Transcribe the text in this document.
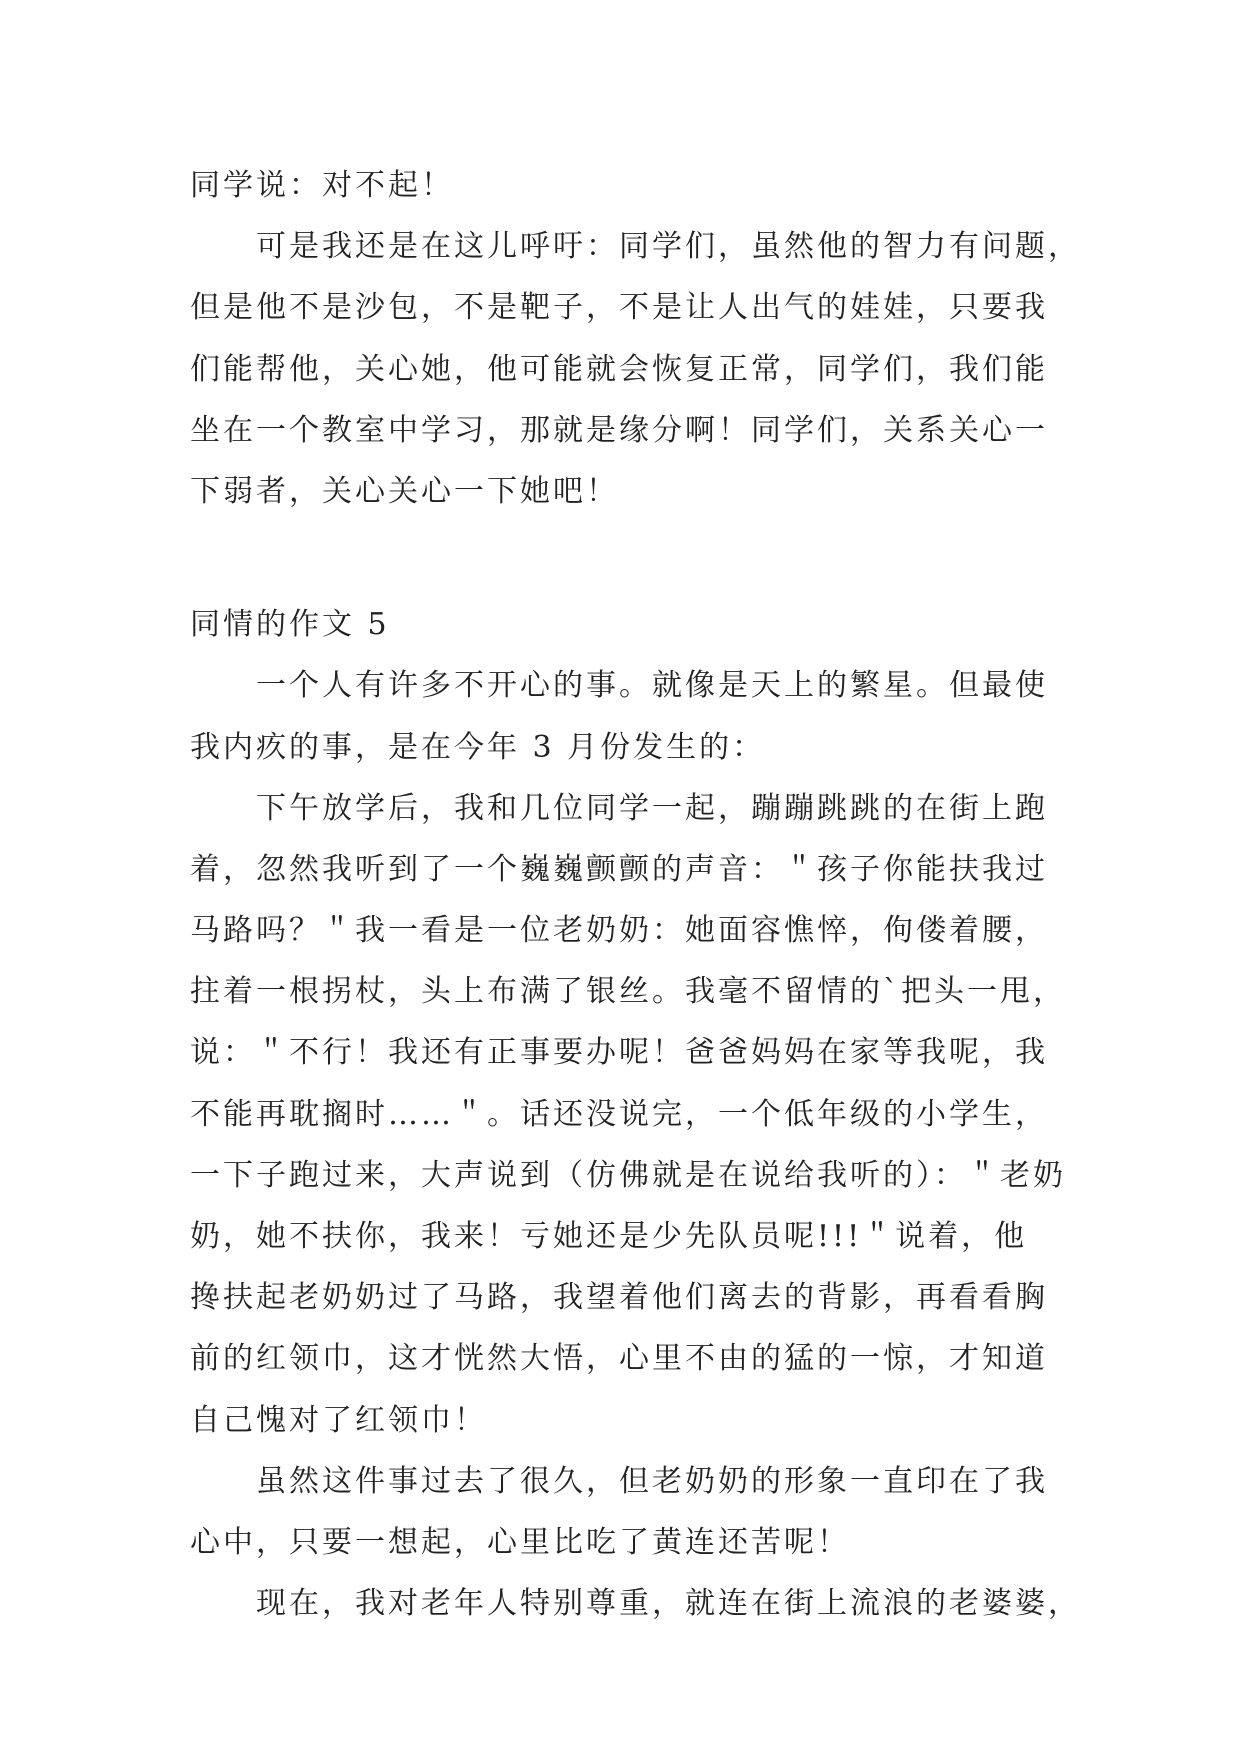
同学说：对不起！
可是我还是在这儿呼吁：同学们，虽然他的智力有问题，
但是他不是沙包，不是靶子，不是让人出气的娃娃，只要我
们能帮他，关心她，他可能就会恢复正常，同学们，我们能
坐在一个教室中学习，那就是缘分啊！同学们，关系关心一
下弱者，关心关心一下她吧！
同情的作文 5
一个人有许多不开心的事。就像是天上的繁星。但最使
我内疚的事，是在今年 3 月份发生的：
下午放学后，我和几位同学一起，蹦蹦跳跳的在街上跑
着，忽然我听到了一个巍巍颤颤的声音：＂孩子你能扶我过
马路吗？＂我一看是一位老奶奶：她面容憔悴，佝偻着腰，
拄着一根拐杖，头上布满了银丝。我毫不留情的`把头一甩，
说：＂不行！我还有正事要办呢！爸爸妈妈在家等我呢，我
不能再耽搁时……＂。话还没说完，一个低年级的小学生，
一下子跑过来，大声说到（仿佛就是在说给我听的）：＂老奶
奶，她不扶你，我来！亏她还是少先队员呢!!!＂说着，他
搀扶起老奶奶过了马路，我望着他们离去的背影，再看看胸
前的红领巾，这才恍然大悟，心里不由的猛的一惊，才知道
自己愧对了红领巾！
虽然这件事过去了很久，但老奶奶的形象一直印在了我
心中，只要一想起，心里比吃了黄连还苦呢！
现在，我对老年人特别尊重，就连在街上流浪的老婆婆，
